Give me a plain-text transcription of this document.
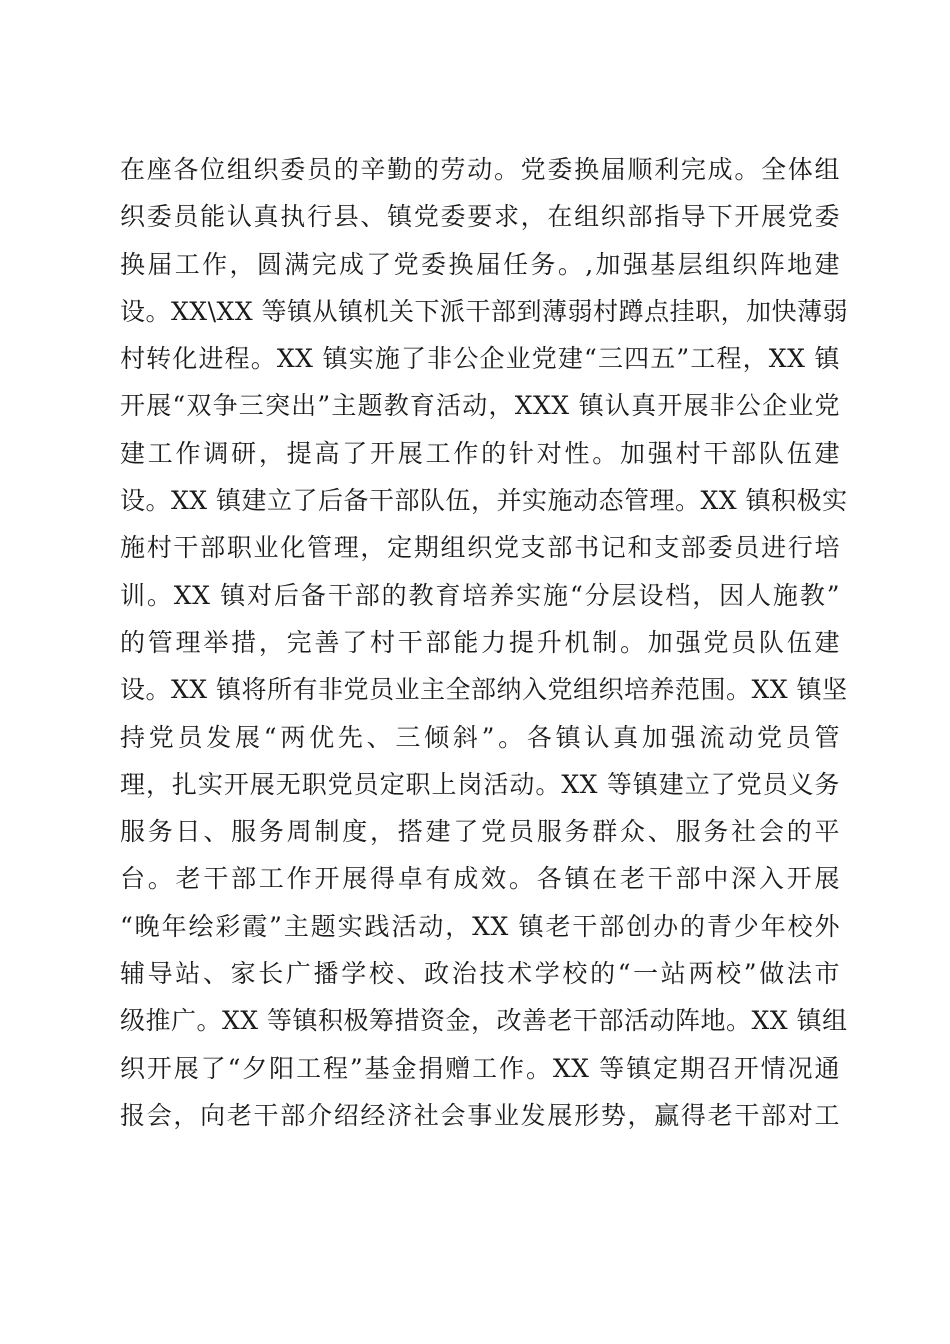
在座各位组织委员的辛勤的劳动。党委换届顺利完成。全体组
织委员能认真执行县、镇党委要求，在组织部指导下开展党委
换届工作，圆满完成了党委换届任务。,加强基层组织阵地建
设。XX\XX 等镇从镇机关下派干部到薄弱村蹲点挂职，加快薄弱
村转化进程。XX 镇实施了非公企业党建“三四五”工程，XX 镇
开展“双争三突出”主题教育活动，XXX 镇认真开展非公企业党
建工作调研，提高了开展工作的针对性。加强村干部队伍建
设。XX 镇建立了后备干部队伍，并实施动态管理。XX 镇积极实
施村干部职业化管理，定期组织党支部书记和支部委员进行培
训。XX 镇对后备干部的教育培养实施“分层设档，因人施教”
的管理举措，完善了村干部能力提升机制。加强党员队伍建
设。XX 镇将所有非党员业主全部纳入党组织培养范围。XX 镇坚
持党员发展“两优先、三倾斜”。各镇认真加强流动党员管
理，扎实开展无职党员定职上岗活动。XX 等镇建立了党员义务
服务日、服务周制度，搭建了党员服务群众、服务社会的平
台。老干部工作开展得卓有成效。各镇在老干部中深入开展
“晚年绘彩霞”主题实践活动，XX 镇老干部创办的青少年校外
辅导站、家长广播学校、政治技术学校的“一站两校”做法市
级推广。XX 等镇积极筹措资金，改善老干部活动阵地。XX 镇组
织开展了“夕阳工程”基金捐赠工作。XX 等镇定期召开情况通
报会，向老干部介绍经济社会事业发展形势，赢得老干部对工
